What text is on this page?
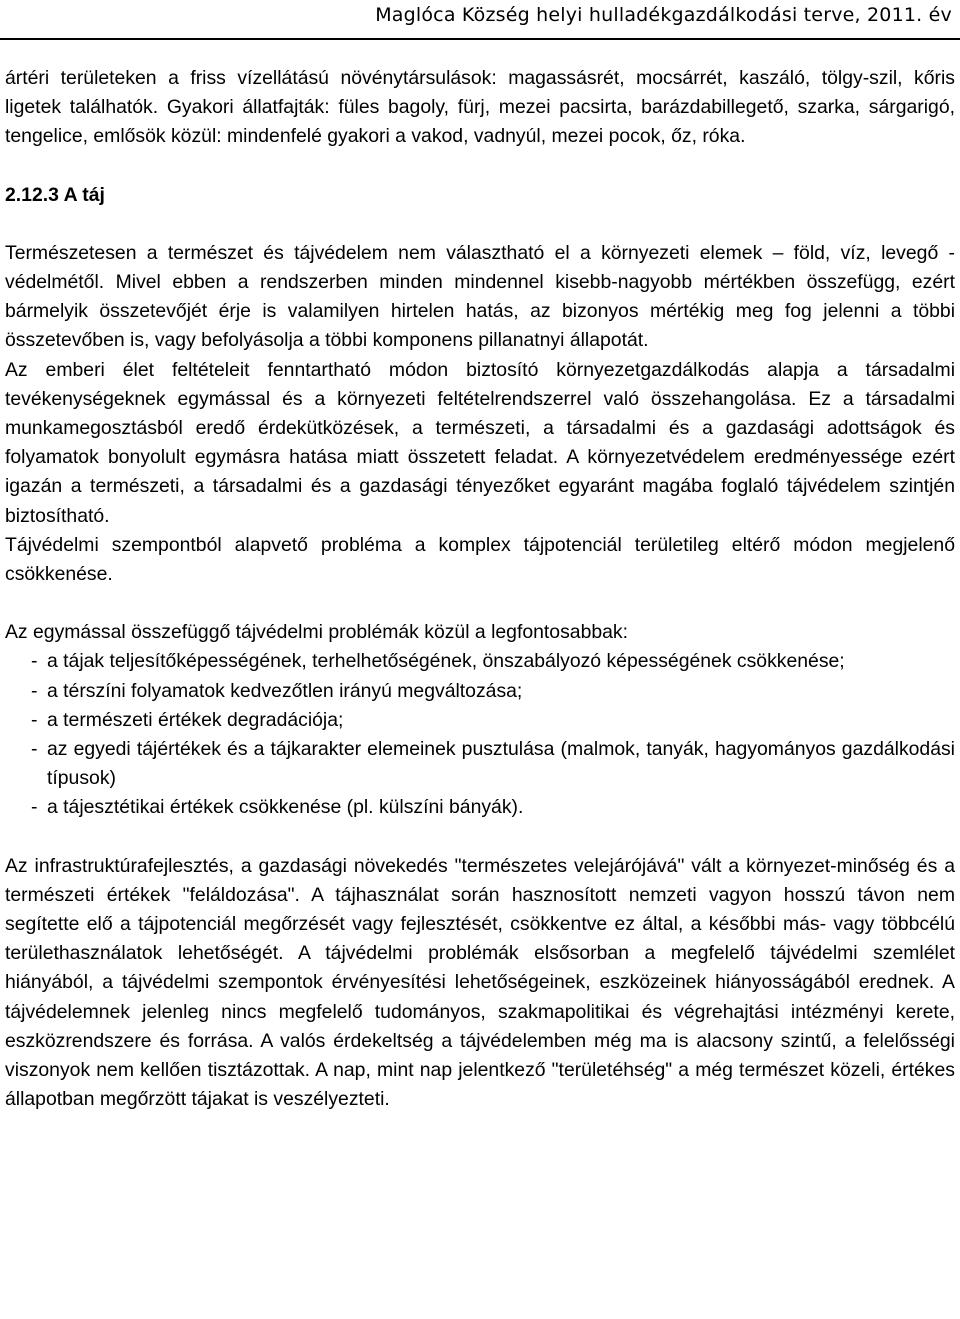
Maglóca Község helyi hulladékgazdálkodási terve, 2011. év

ártéri területeken a friss vízellátású növénytársulások: magassásrét, mocsárrét, kaszáló, tölgy-szil, kőris ligetek találhatók. Gyakori állatfajták: füles bagoly, fürj, mezei pacsirta, barázdabillegető, szarka, sárgarigó, tengelice, emlősök közül: mindenfelé gyakori a vakod, vadnyúl, mezei pocok, őz, róka.

2.12.3 A táj

Természetesen a természet és tájvédelem nem választható el a környezeti elemek – föld, víz, levegő - védelmétől. Mivel ebben a rendszerben minden mindennel kisebb-nagyobb mértékben összefügg, ezért bármelyik összetevőjét érje is valamilyen hirtelen hatás, az bizonyos mértékig meg fog jelenni a többi összetevőben is, vagy befolyásolja a többi komponens pillanatnyi állapotát.

Az emberi élet feltételeit fenntartható módon biztosító környezetgazdálkodás alapja a társadalmi tevékenységeknek egymással és a környezeti feltételrendszerrel való összehangolása. Ez a társadalmi munkamegosztásból eredő érdekütközések, a természeti, a társadalmi és a gazdasági adottságok és folyamatok bonyolult egymásra hatása miatt összetett feladat. A környezetvédelem eredményessége ezért igazán a természeti, a társadalmi és a gazdasági tényezőket egyaránt magába foglaló tájvédelem szintjén biztosítható.

Tájvédelmi szempontból alapvető probléma a komplex tájpotenciál területileg eltérő módon megjelenő csökkenése.

Az egymással összefüggő tájvédelmi problémák közül a legfontosabbak:

- a tájak teljesítőképességének, terhelhetőségének, önszabályozó képességének csökkenése;
- a térszíni folyamatok kedvezőtlen irányú megváltozása;
- a természeti értékek degradációja;
- az egyedi tájértékek és a tájkarakter elemeinek pusztulása (malmok, tanyák, hagyományos gazdálkodási típusok)
- a tájesztétikai értékek csökkenése (pl. külszíni bányák).

Az infrastruktúrafejlesztés, a gazdasági növekedés "természetes velejárójává" vált a környezet-minőség és a természeti értékek "feláldozása". A tájhasználat során hasznosított nemzeti vagyon hosszú távon nem segítette elő a tájpotenciál megőrzését vagy fejlesztését, csökkentve ez által, a későbbi más- vagy többcélú területhasználatok lehetőségét. A tájvédelmi problémák elsősorban a megfelelő tájvédelmi szemlélet hiányából, a tájvédelmi szempontok érvényesítési lehetőségeinek, eszközeinek hiányosságából erednek. A tájvédelemnek jelenleg nincs megfelelő tudományos, szakmapolitikai és végrehajtási intézményi kerete, eszközrendszere és forrása. A valós érdekeltség a tájvédelemben még ma is alacsony szintű, a felelősségi viszonyok nem kellően tisztázottak. A nap, mint nap jelentkező "területéhség" a még természet közeli, értékes állapotban megőrzött tájakat is veszélyezteti.
